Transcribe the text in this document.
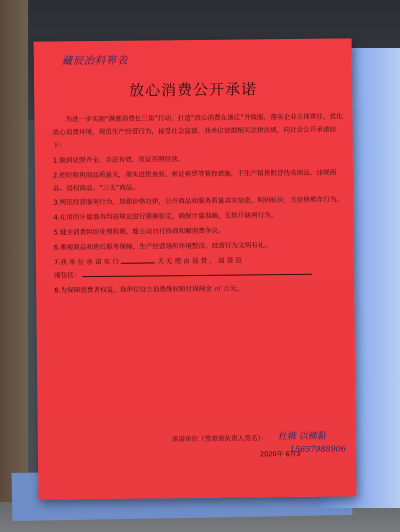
藏辰冶料箅表
放心消费公开承诺

为进一步实施“满意消费长三角”行动，打造“放心消费在浙江”升级版，落实企业主体责任，优化放心消费环境，规范生产经营行为，接受社会监督，我单位依据相关法律法规，向社会公开承诺如下：

1.做到证照齐全、合法有效，亮证亮照经营。

2.把好销售商品质量关，落实进货查验、索证索票等管控措施，不生产销售假冒伪劣商品、违规商品、侵权商品、“三无”商品。

3.规范经营服务行为，加强价格自律，公开商品和服务质量真实信息，明码标价，无价格欺诈行为。

4.在用的计量器具均按规定进行强制检定，确保计量准确，无短斤缺两行为。

5.健全消费纠纷处理机制，能主动自行协商和解消费争议。

6.重视商品和售后服务保障，生产经营场所环境整洁，经营行为文明有礼。

7.我 单 位 承 诺 实 行	天 无 理 由 退 货 ， 退 货 范

围包括：

8.为保障消费者权益，我单位设立消费维权赔付保障金 o( 万元。

承诺单位（签章或负责人签名）： 杜娥 以佛黏
2020年 6月3
15657988906
